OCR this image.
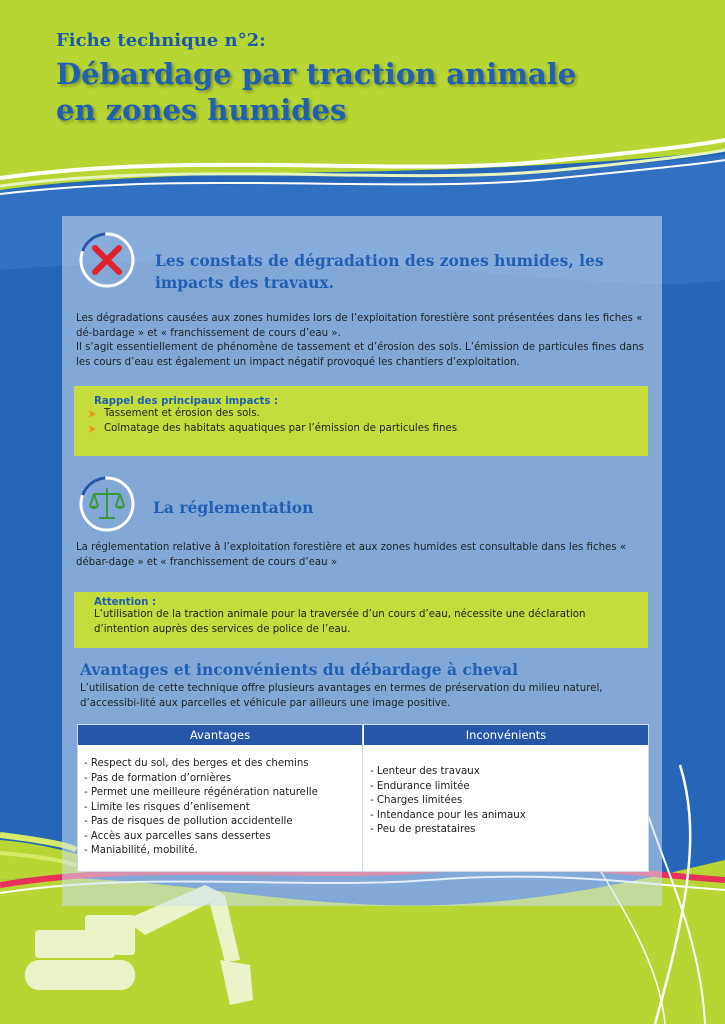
Fiche technique n°2:
Débardage par traction animale en zones humides
Les constats de dégradation des zones humides, les impacts des travaux.
Les dégradations causées aux zones humides lors de l’exploitation forestière sont présentées dans les fiches « dé-bardage » et « franchissement de cours d’eau ».
Il s’agit essentiellement de phénomène de tassement et d’érosion des sols. L’émission de particules fines dans les cours d’eau est également un impact négatif provoqué les chantiers d’exploitation.
Rappel des principaux impacts :
Tassement et érosion des sols.
Colmatage des habitats aquatiques par l’émission de particules fines
La réglementation
La réglementation relative à l’exploitation forestière et aux zones humides est consultable dans les fiches « débar-dage » et « franchissement de cours d’eau »
Attention :
L’utilisation de la traction animale pour la traversée d’un cours d’eau, nécessite une déclaration d’intention auprès des services de police de l’eau.
Avantages et inconvénients du débardage à cheval
L’utilisation de cette technique offre plusieurs avantages en termes de préservation du milieu naturel, d’accessibi-lité aux parcelles et véhicule par ailleurs une image positive.
Avantages	Inconvénients
- Respect du sol, des berges et des chemins
- Pas de formation d’ornières
- Permet une meilleure régénération naturelle
- Limite les risques d’enlisement
- Pas de risques de pollution accidentelle
- Accès aux parcelles sans dessertes
- Maniabilité, mobilité.
- Lenteur des travaux
- Endurance limitée
- Charges limitées
- Intendance pour les animaux
- Peu de prestataires
